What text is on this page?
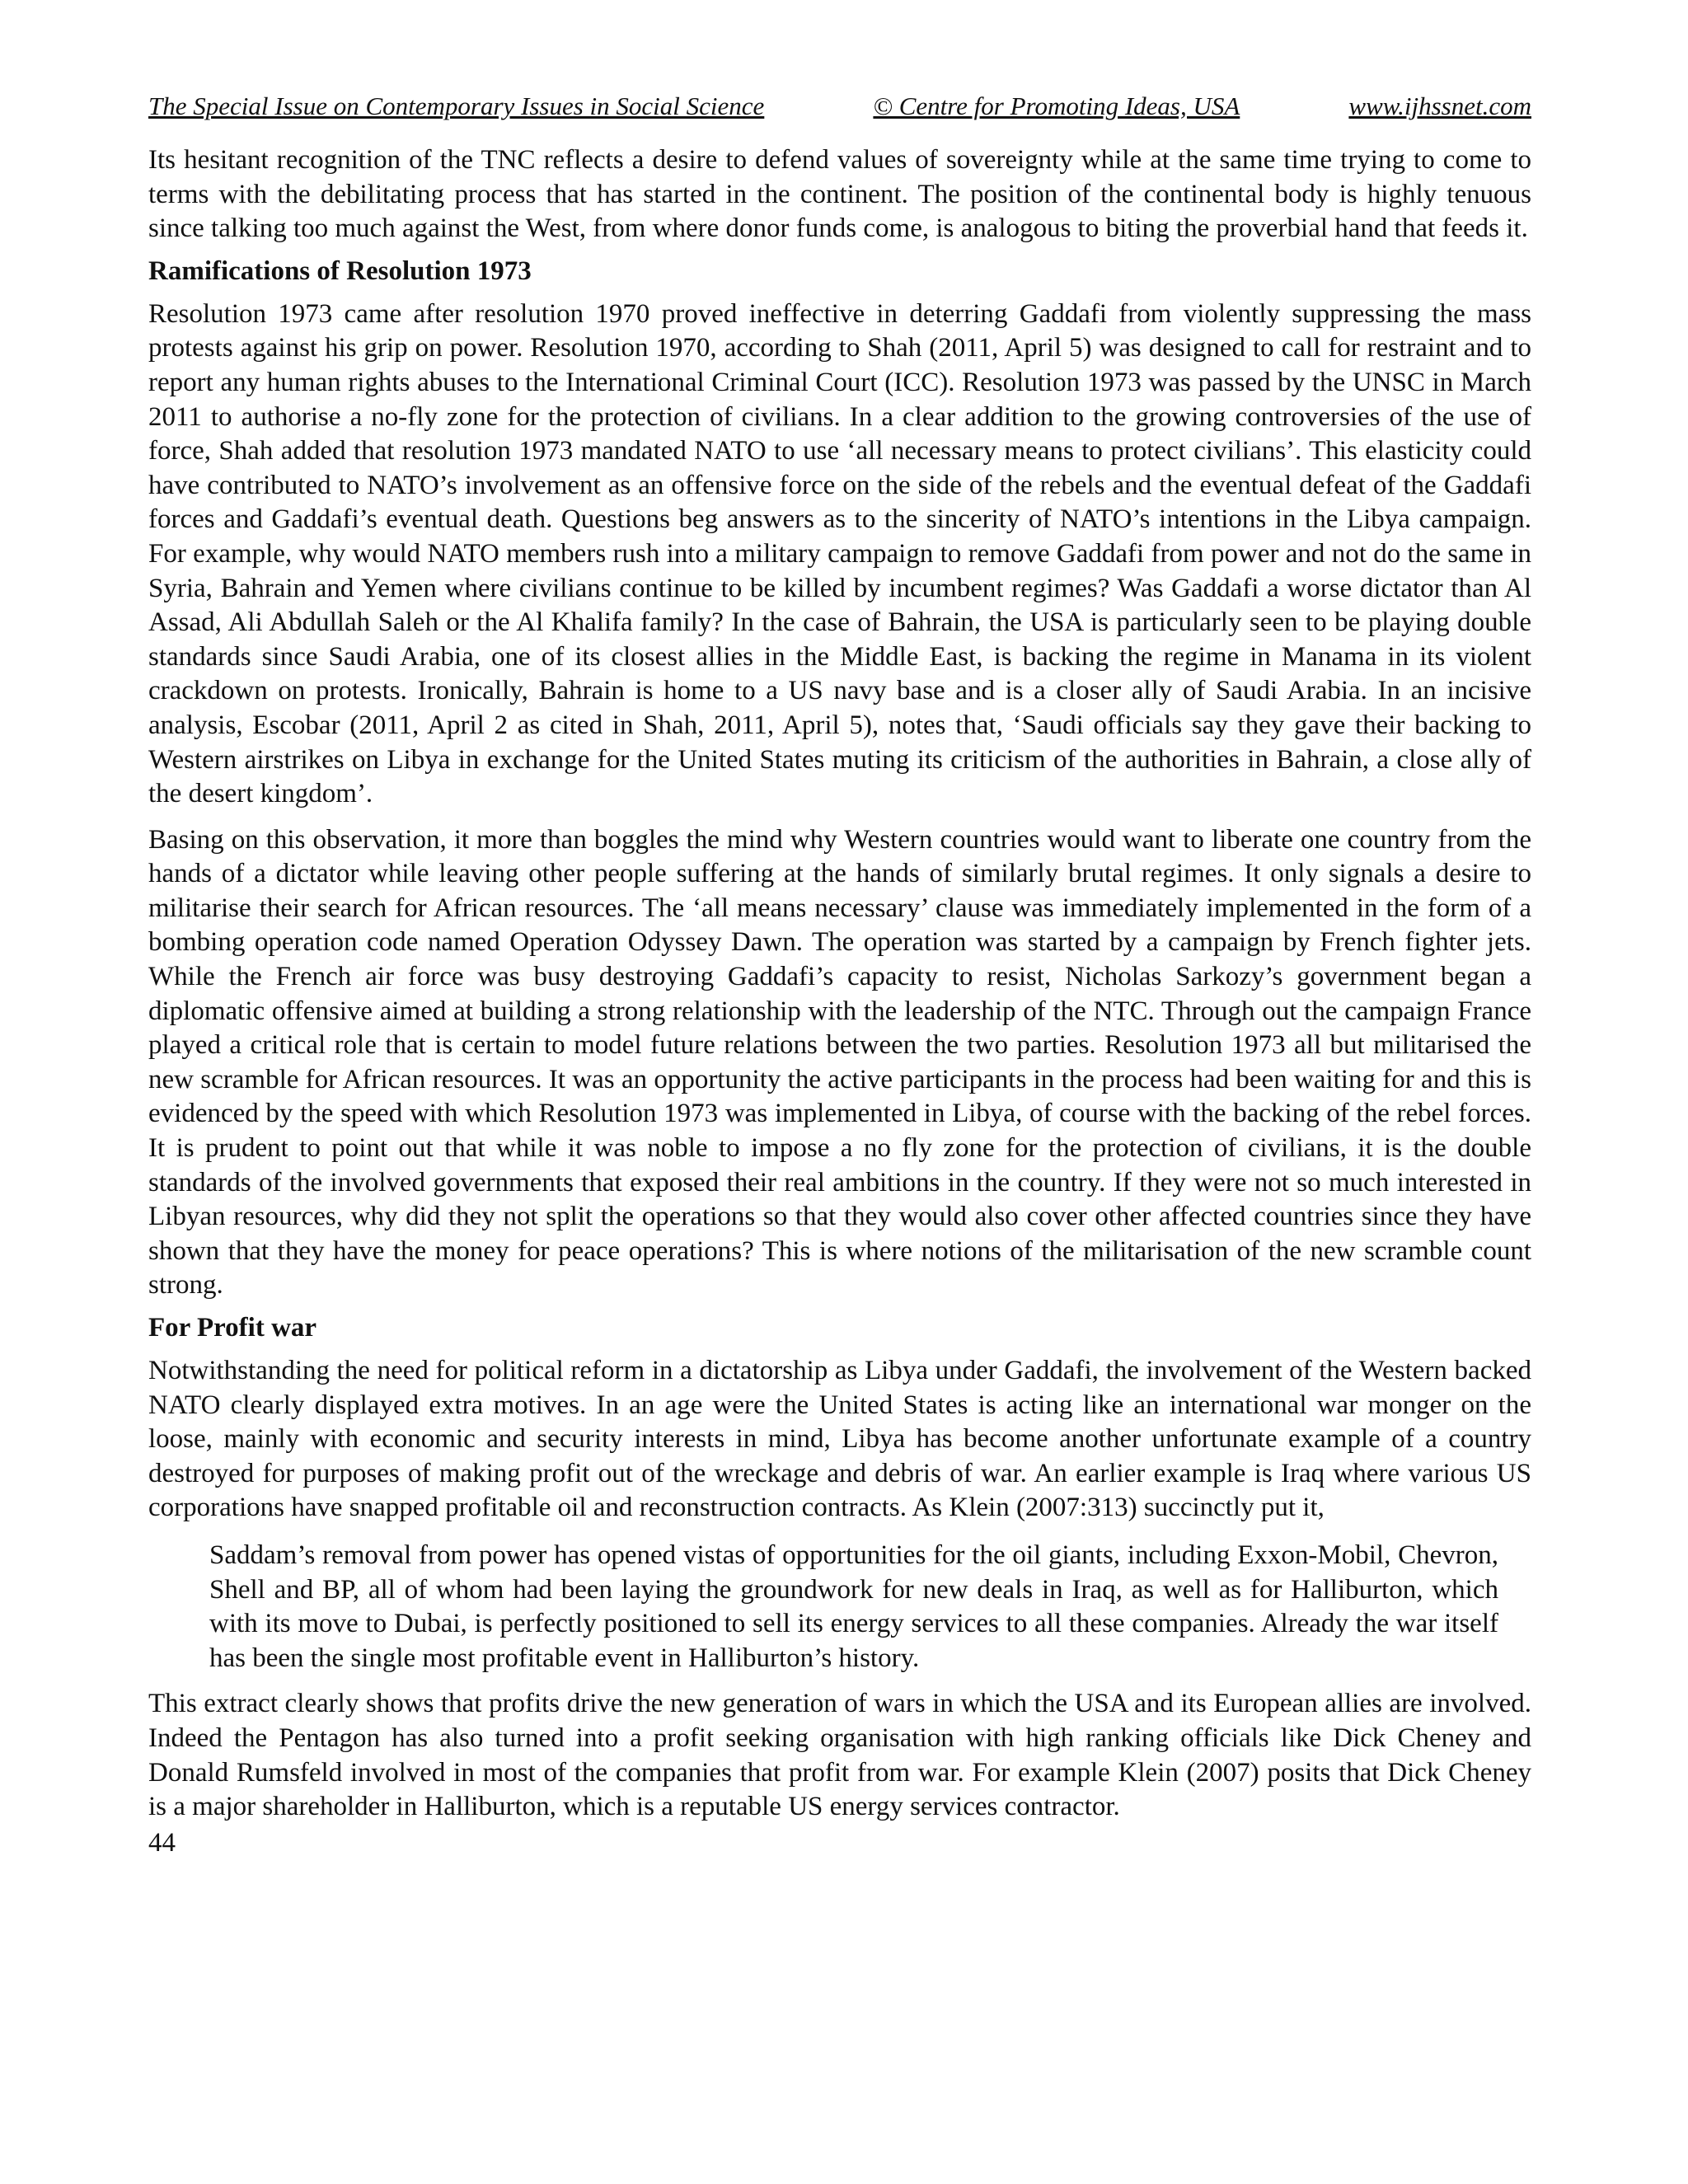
The Special Issue on Contemporary Issues in Social Science	© Centre for Promoting Ideas, USA	www.ijhssnet.com

Its hesitant recognition of the TNC reflects a desire to defend values of sovereignty while at the same time trying to come to terms with the debilitating process that has started in the continent. The position of the continental body is highly tenuous since talking too much against the West, from where donor funds come, is analogous to biting the proverbial hand that feeds it.

Ramifications of Resolution 1973

Resolution 1973 came after resolution 1970 proved ineffective in deterring Gaddafi from violently suppressing the mass protests against his grip on power. Resolution 1970, according to Shah (2011, April 5) was designed to call for restraint and to report any human rights abuses to the International Criminal Court (ICC). Resolution 1973 was passed by the UNSC in March 2011 to authorise a no-fly zone for the protection of civilians. In a clear addition to the growing controversies of the use of force, Shah added that resolution 1973 mandated NATO to use ‘all necessary means to protect civilians’. This elasticity could have contributed to NATO’s involvement as an offensive force on the side of the rebels and the eventual defeat of the Gaddafi forces and Gaddafi’s eventual death. Questions beg answers as to the sincerity of NATO’s intentions in the Libya campaign. For example, why would NATO members rush into a military campaign to remove Gaddafi from power and not do the same in Syria, Bahrain and Yemen where civilians continue to be killed by incumbent regimes? Was Gaddafi a worse dictator than Al Assad, Ali Abdullah Saleh or the Al Khalifa family? In the case of Bahrain, the USA is particularly seen to be playing double standards since Saudi Arabia, one of its closest allies in the Middle East, is backing the regime in Manama in its violent crackdown on protests. Ironically, Bahrain is home to a US navy base and is a closer ally of Saudi Arabia. In an incisive analysis, Escobar (2011, April 2 as cited in Shah, 2011, April 5), notes that, ‘Saudi officials say they gave their backing to Western airstrikes on Libya in exchange for the United States muting its criticism of the authorities in Bahrain, a close ally of the desert kingdom’.

Basing on this observation, it more than boggles the mind why Western countries would want to liberate one country from the hands of a dictator while leaving other people suffering at the hands of similarly brutal regimes. It only signals a desire to militarise their search for African resources. The ‘all means necessary’ clause was immediately implemented in the form of a bombing operation code named Operation Odyssey Dawn. The operation was started by a campaign by French fighter jets. While the French air force was busy destroying Gaddafi’s capacity to resist, Nicholas Sarkozy’s government began a diplomatic offensive aimed at building a strong relationship with the leadership of the NTC. Through out the campaign France played a critical role that is certain to model future relations between the two parties. Resolution 1973 all but militarised the new scramble for African resources. It was an opportunity the active participants in the process had been waiting for and this is evidenced by the speed with which Resolution 1973 was implemented in Libya, of course with the backing of the rebel forces. It is prudent to point out that while it was noble to impose a no fly zone for the protection of civilians, it is the double standards of the involved governments that exposed their real ambitions in the country. If they were not so much interested in Libyan resources, why did they not split the operations so that they would also cover other affected countries since they have shown that they have the money for peace operations? This is where notions of the militarisation of the new scramble count strong.

For Profit war

Notwithstanding the need for political reform in a dictatorship as Libya under Gaddafi, the involvement of the Western backed NATO clearly displayed extra motives. In an age were the United States is acting like an international war monger on the loose, mainly with economic and security interests in mind, Libya has become another unfortunate example of a country destroyed for purposes of making profit out of the wreckage and debris of war. An earlier example is Iraq where various US corporations have snapped profitable oil and reconstruction contracts. As Klein (2007:313) succinctly put it,

Saddam’s removal from power has opened vistas of opportunities for the oil giants, including Exxon-Mobil, Chevron, Shell and BP, all of whom had been laying the groundwork for new deals in Iraq, as well as for Halliburton, which with its move to Dubai, is perfectly positioned to sell its energy services to all these companies. Already the war itself has been the single most profitable event in Halliburton’s history.

This extract clearly shows that profits drive the new generation of wars in which the USA and its European allies are involved. Indeed the Pentagon has also turned into a profit seeking organisation with high ranking officials like Dick Cheney and Donald Rumsfeld involved in most of the companies that profit from war. For example Klein (2007) posits that Dick Cheney is a major shareholder in Halliburton, which is a reputable US energy services contractor.

44
